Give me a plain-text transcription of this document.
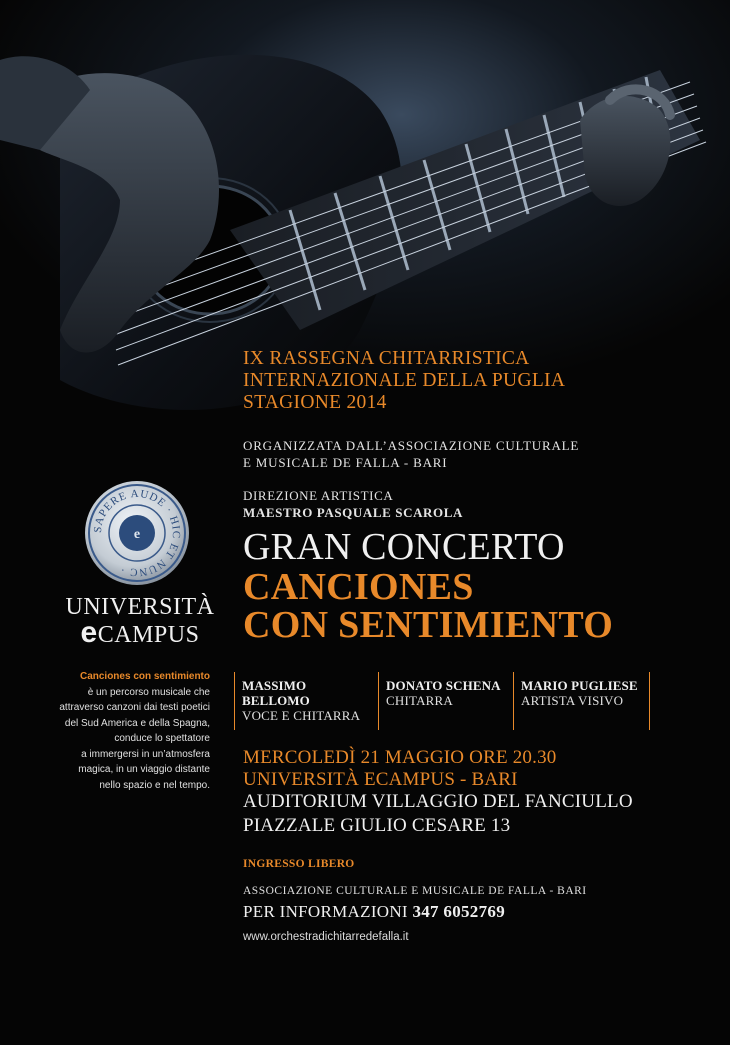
IX RASSEGNA CHITARRISTICA
INTERNAZIONALE DELLA PUGLIA
STAGIONE 2014
ORGANIZZATA DALL’ASSOCIAZIONE CULTURALE
E MUSICALE DE FALLA - BARI
DIREZIONE ARTISTICA
MAESTRO PASQUALE SCAROLA
GRAN CONCERTO
CANCIONES
CON SENTIMIENTO
MASSIMO BELLOMO
VOCE E CHITARRA
DONATO SCHENA
CHITARRA
MARIO PUGLIESE
ARTISTA VISIVO
MERCOLEDÌ 21 MAGGIO ORE 20.30
UNIVERSITÀ ECAMPUS - BARI
AUDITORIUM VILLAGGIO DEL FANCIULLO
PIAZZALE GIULIO CESARE 13
INGRESSO LIBERO
ASSOCIAZIONE CULTURALE E MUSICALE DE FALLA - BARI
PER INFORMAZIONI 347 6052769
www.orchestradichitarredefalla.it
SAPERE AUDE · HIC ET NUNC ·
e
UNIVERSITÀ
eCAMPUS
Canciones con sentimiento
è un percorso musicale che
attraverso canzoni dai testi poetici
del Sud America e della Spagna,
conduce lo spettatore
a immergersi in un’atmosfera
magica, in un viaggio distante
nello spazio e nel tempo.
